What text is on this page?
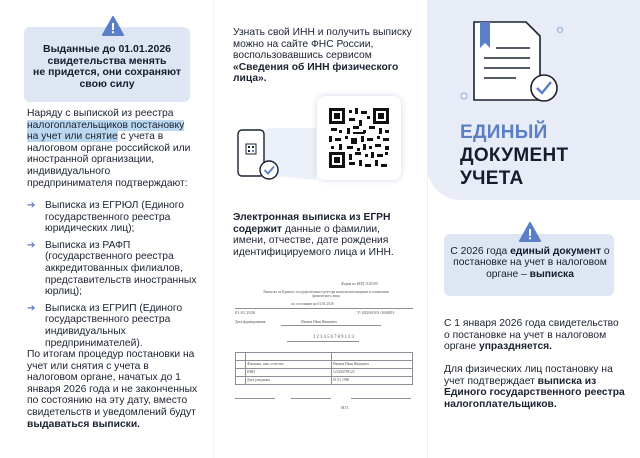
Выданные до 01.01.2026
свидетельства менять
не придется, они сохраняют
свою силу
Наряду с выпиской из реестра налогоплательщиков постановку на учет или снятие с учета в налоговом органе российской или иностранной организации, индивидуального предпринимателя подтверждают:
➔ Выписка из ЕГРЮЛ (Единого государственного реестра юридических лиц);
➔ Выписка из РАФП (государственного реестра аккредитованных филиалов, представительств иностранных юрлиц);
➔ Выписка из ЕГРИП (Единого государственного реестра индивидуальных предпринимателей).
По итогам процедур постановки на учет или снятия с учета в налоговом органе, начатых до 1 января 2026 года и не законченных по состоянию на эту дату, вместо свидетельств и уведомлений будут выдаваться выписки.
Узнать свой ИНН и получить выписку можно на сайте ФНС России, воспользовавшись сервисом «Сведения об ИНН физического лица».
Электронная выписка из ЕГРН содержит данные о фамилии, имени, отчестве, дате рождения идентифицируемого лица и ИНН.
Форма по КНД 1120509
Выписка из Единого государственного реестра налогоплательщиков в отношении физического лица
по состоянию на 01.01.2026
01.01.2026	У-20260101-260001
Дата формирования	Иванов Иван Иванович
123456789123
Фамилия, имя, отчество	Иванов Иван Иванович
ИНН	123456789123
Дата рождения	01.01.1980
М.П.
ЕДИНЫЙ
ДОКУМЕНТ
УЧЕТА
С 2026 года единый документ о постановке на учет в налоговом органе – выписка
С 1 января 2026 года свидетельство о постановке на учет в налоговом органе упраздняется.
Для физических лиц постановку на учет подтверждает выписка из Единого государственного реестра налогоплательщиков.
